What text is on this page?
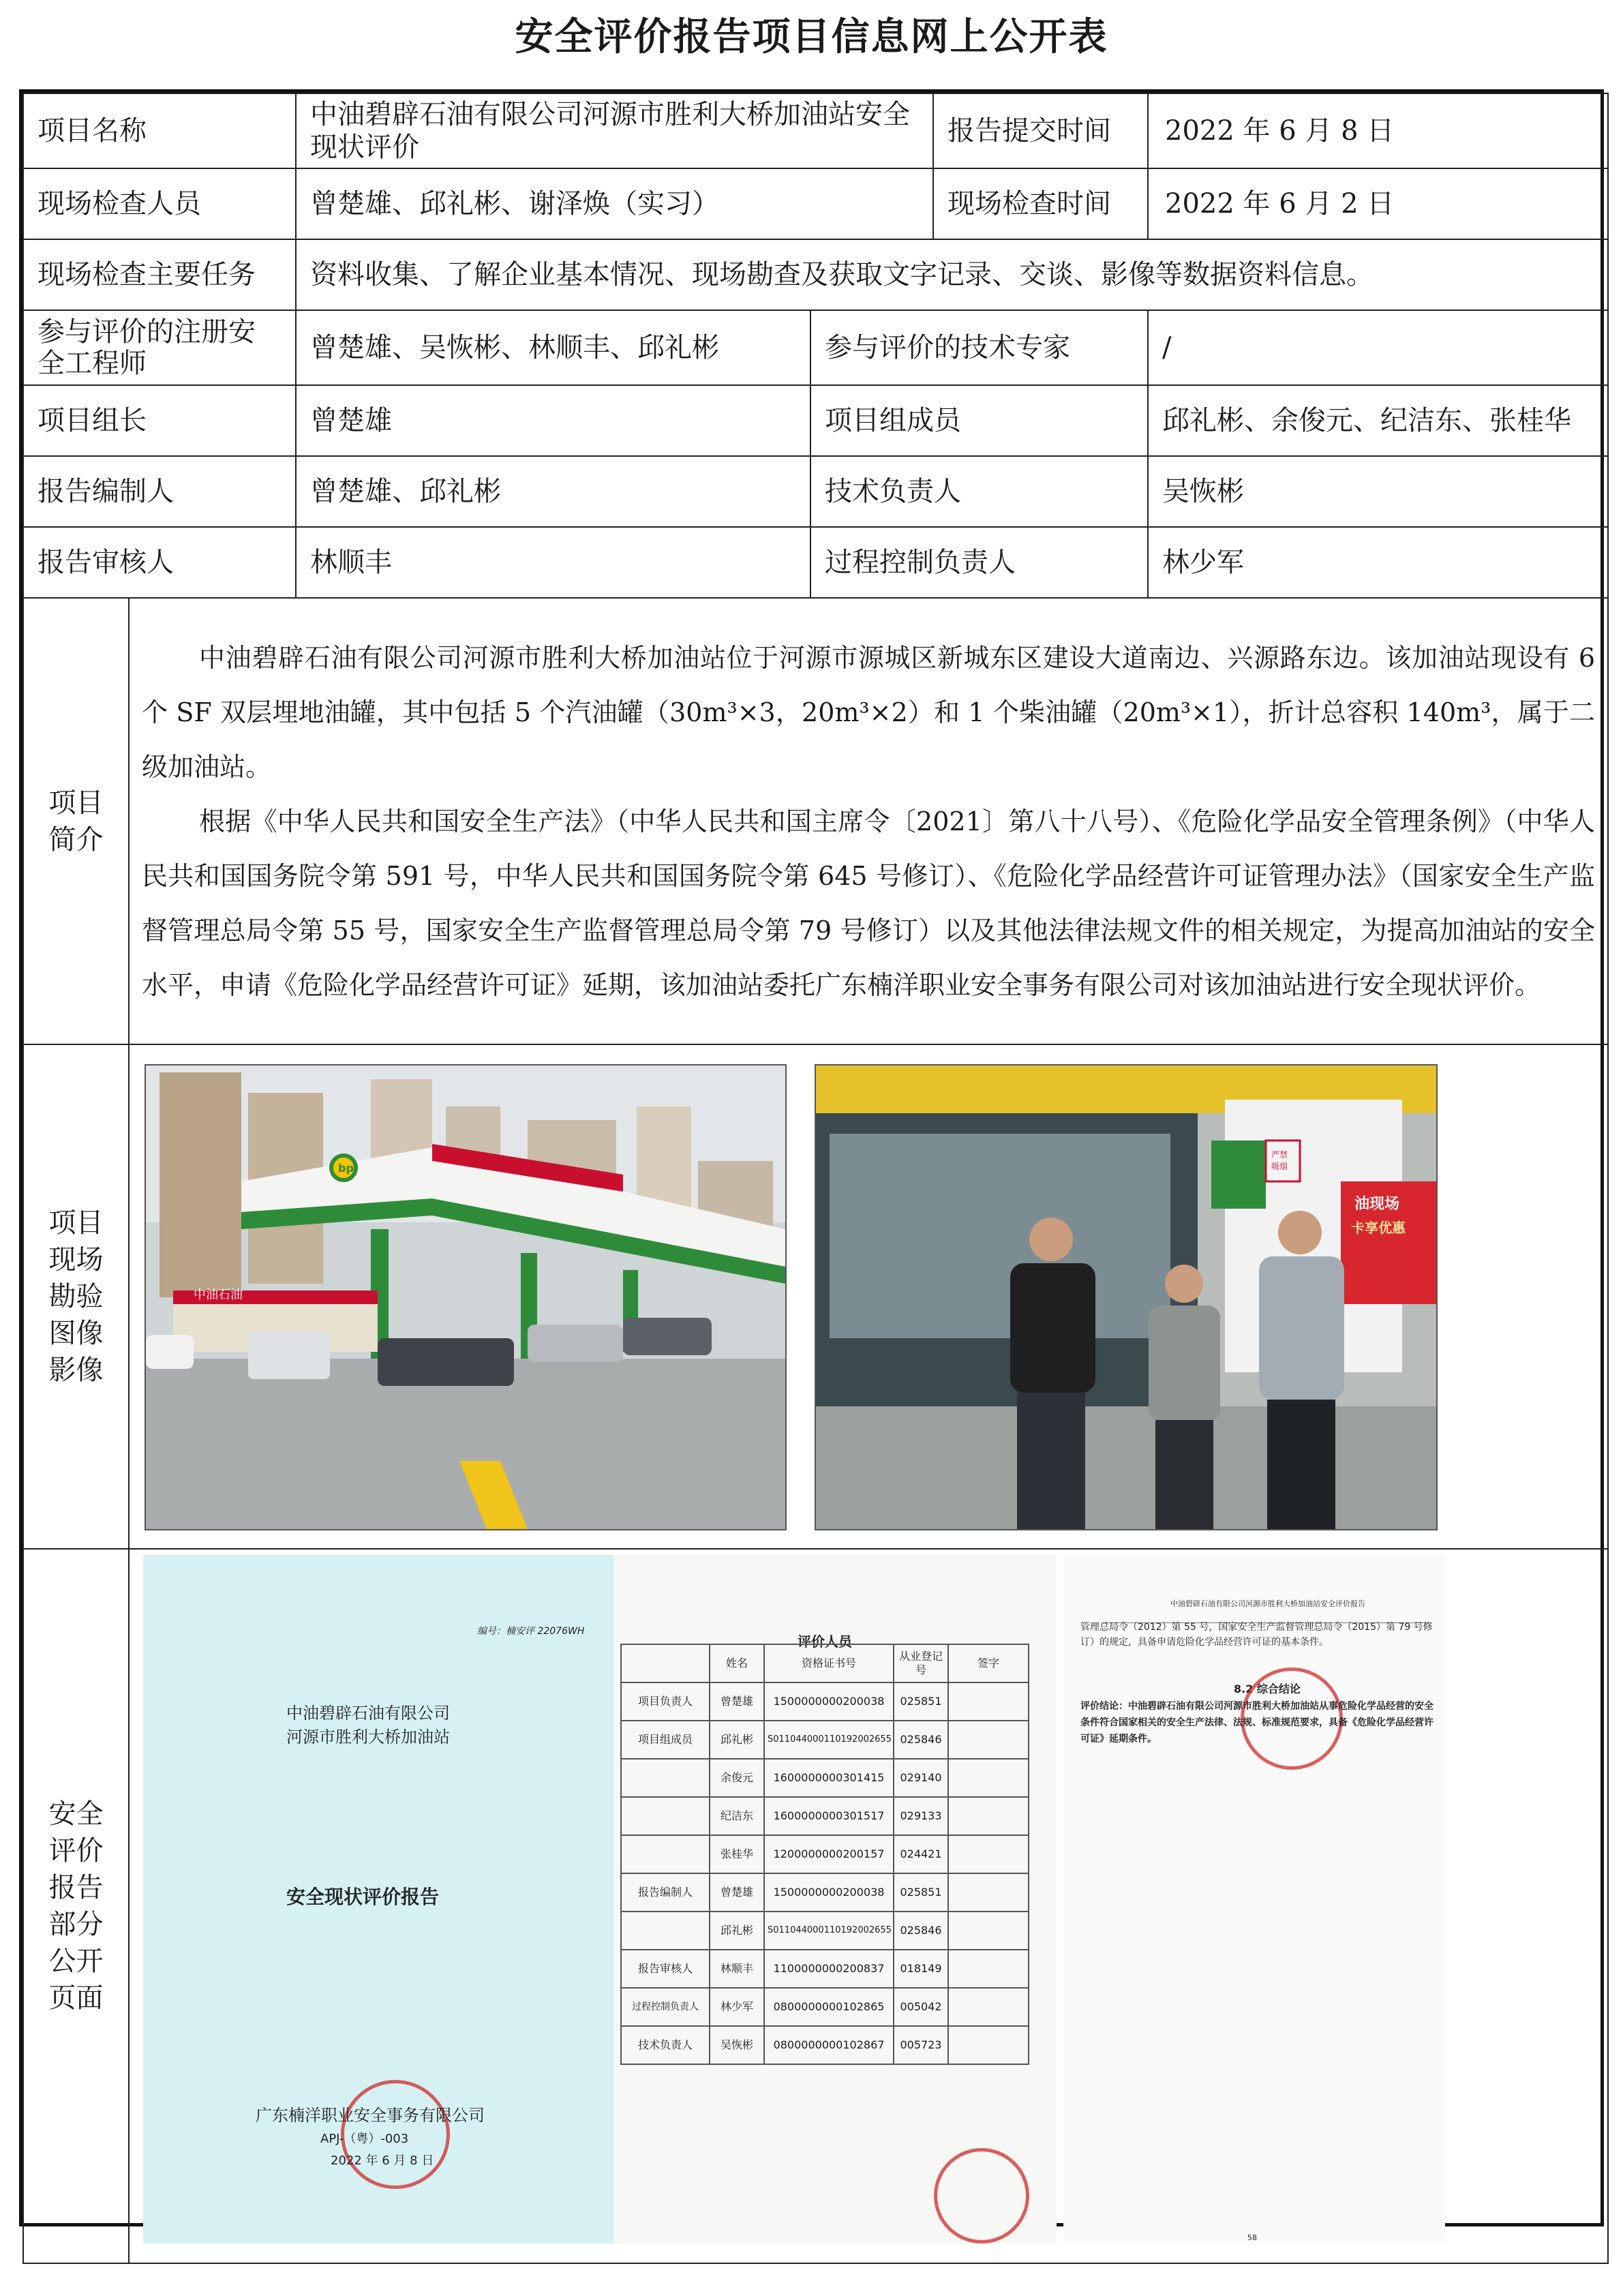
安全评价报告项目信息网上公开表
项目名称	中油碧辟石油有限公司河源市胜利大桥加油站安全现状评价	报告提交时间	2022 年 6 月 8 日
现场检查人员	曾楚雄、邱礼彬、谢泽焕（实习）	现场检查时间	2022 年 6 月 2 日
现场检查主要任务	资料收集、了解企业基本情况、现场勘查及获取文字记录、交谈、影像等数据资料信息。
参与评价的注册安全工程师	曾楚雄、吴恢彬、林顺丰、邱礼彬	参与评价的技术专家	/
项目组长	曾楚雄	项目组成员	邱礼彬、余俊元、纪洁东、张桂华
报告编制人	曾楚雄、邱礼彬	技术负责人	吴恢彬
报告审核人	林顺丰	过程控制负责人	林少军

项目简介

中油碧辟石油有限公司河源市胜利大桥加油站位于河源市源城区新城东区建设大道南边、兴源路东边。该加油站现设有 6 个 SF 双层埋地油罐，其中包括 5 个汽油罐（30m³×3，20m³×2）和 1 个柴油罐（20m³×1），折计总容积 140m³，属于二级加油站。

根据《中华人民共和国安全生产法》（中华人民共和国主席令〔2021〕第八十八号）、《危险化学品安全管理条例》（中华人民共和国国务院令第 591 号，中华人民共和国国务院令第 645 号修订）、《危险化学品经营许可证管理办法》（国家安全生产监督管理总局令第 55 号，国家安全生产监督管理总局令第 79 号修订）以及其他法律法规文件的相关规定，为提高加油站的安全水平，申请《危险化学品经营许可证》延期，该加油站委托广东楠洋职业安全事务有限公司对该加油站进行安全现状评价。

项目现场勘验图像影像

中油石油
bp
油现场
卡享优惠
严禁
吸烟

安全评价报告部分公开页面

编号：楠安评 22076WH
中油碧辟石油有限公司
河源市胜利大桥加油站
安全现状评价报告
广东楠洋职业安全事务有限公司
APJ-（粤）-003
2022 年 6 月 8 日
评价人员
	姓名	资格证书号	从业登记号	签字
项目负责人	曾楚雄	1500000000200038	025851	
项目组成员	邱礼彬	S011044000110192002655	025846	
	余俊元	1600000000301415	029140	
	纪洁东	1600000000301517	029133	
	张桂华	1200000000200157	024421	
报告编制人	曾楚雄	1500000000200038	025851	
	邱礼彬	S011044000110192002655	025846	
报告审核人	林顺丰	1100000000200837	018149	
过程控制负责人	林少军	0800000000102865	005042	
技术负责人	吴恢彬	0800000000102867	005723	
中油碧辟石油有限公司河源市胜利大桥加油站安全评价报告
管理总局令（2012）第 55 号，国家安全生产监督管理总局令（2015）第 79 号修订）的规定，具备申请危险化学品经营许可证的基本条件。
8.2 综合结论
评价结论：中油碧辟石油有限公司河源市胜利大桥加油站从事危险化学品经营的安全条件符合国家相关的安全生产法律、法规、标准规范要求，具备《危险化学品经营许可证》延期条件。
58
